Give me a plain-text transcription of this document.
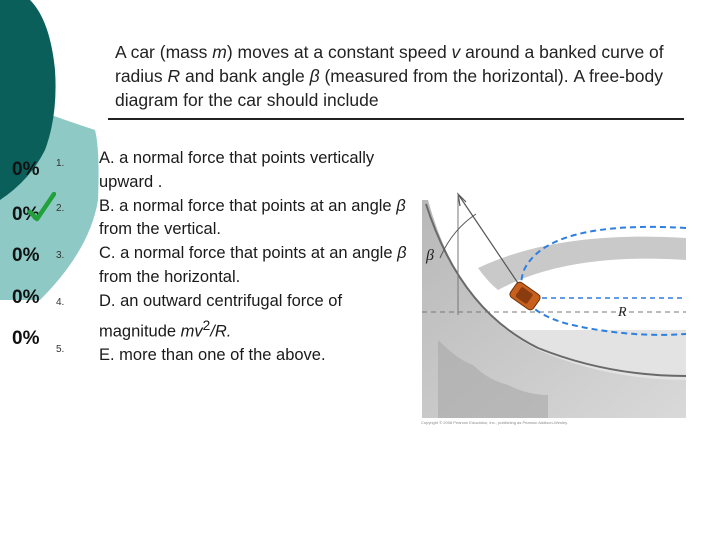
A car (mass m) moves at a constant speed v around a banked curve of radius R and bank angle β (measured from the horizontal). A free-body diagram for the car should include
0%
0%
0%
0%
0%
1.
2.
3.
4.
5.
A. a normal force that points vertically upward .
B. a normal force that points at an angle β from the vertical.
C. a normal force that points at an angle β from the horizontal.
D. an outward centrifugal force of magnitude $mv^2/R$.
E. more than one of the above.
β
R
Copyright © 2008 Pearson Education, Inc., publishing as Pearson Addison-Wesley.
